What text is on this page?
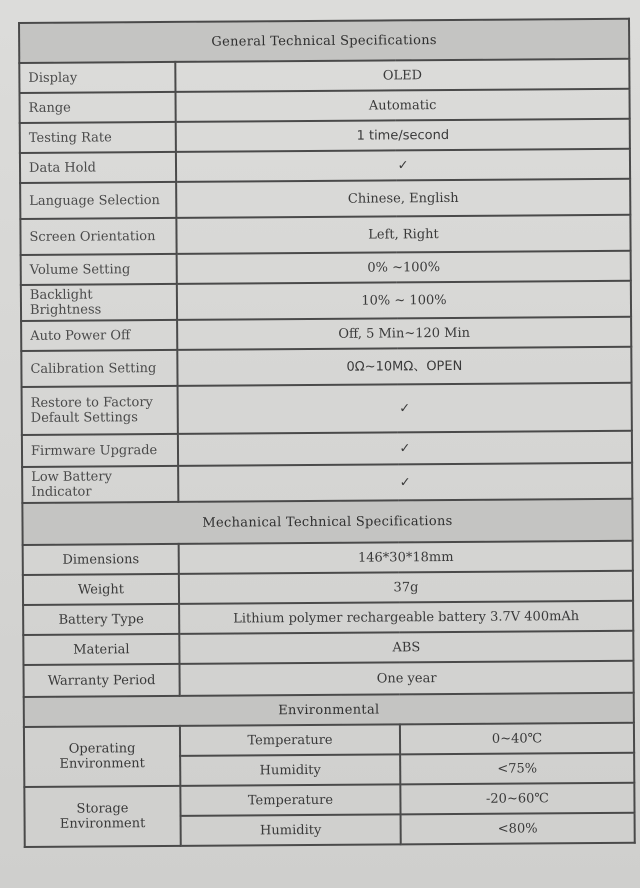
General Technical Specifications		
Display	OLED	
Range	Automatic	
Testing Rate	1 time/second	
Data Hold	✓	
Language Selection	Chinese, English	
Screen Orientation	Left, Right	
Volume Setting	0% ~100%	
Backlight Brightness	10% ~ 100%	
Auto Power Off	Off, 5 Min~120 Min	
Calibration Setting	0Ω~10MΩ、OPEN	
Restore to Factory Default Settings	✓	
Firmware Upgrade	✓	
Low Battery Indicator	✓	
Mechanical Technical Specifications		
Dimensions	146*30*18mm	
Weight	37g	
Battery Type	Lithium polymer rechargeable battery 3.7V 400mAh	
Material	ABS	
Warranty Period	One year	
Environmental		
Operating Environment	Temperature	0~40℃
	Humidity	<75%
Storage Environment	Temperature	-20~60℃
	Humidity	<80%
